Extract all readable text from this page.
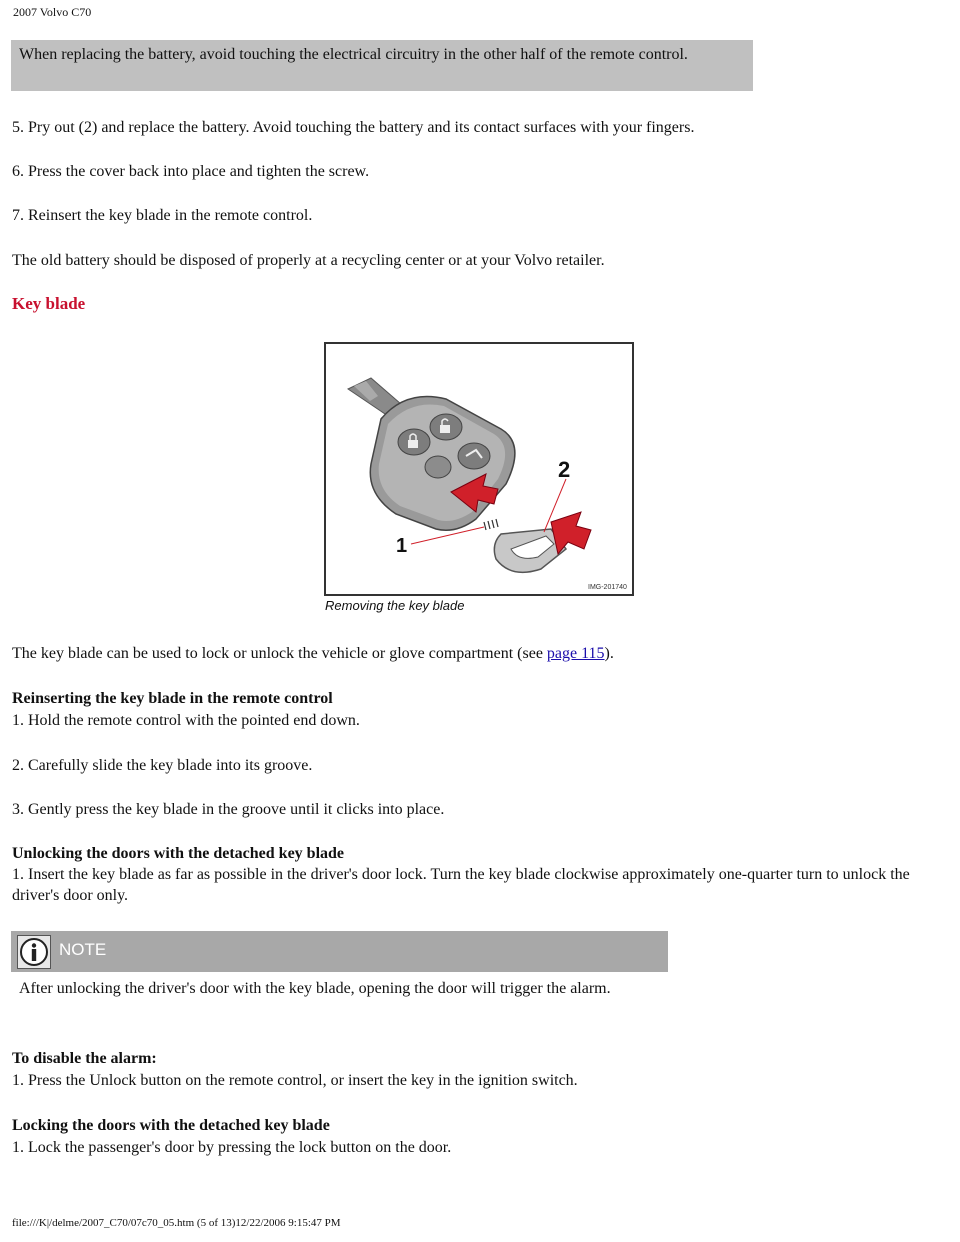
2007 Volvo C70
When replacing the battery, avoid touching the electrical circuitry in the other half of the remote control.
5. Pry out (2) and replace the battery. Avoid touching the battery and its contact surfaces with your fingers.
6. Press the cover back into place and tighten the screw.
7. Reinsert the key blade in the remote control.
The old battery should be disposed of properly at a recycling center or at your Volvo retailer.
Key blade
1
2
IMG-201740
Removing the key blade
The key blade can be used to lock or unlock the vehicle or glove compartment (see page 115).
Reinserting the key blade in the remote control
1. Hold the remote control with the pointed end down.
2. Carefully slide the key blade into its groove.
3. Gently press the key blade in the groove until it clicks into place.
Unlocking the doors with the detached key blade
1. Insert the key blade as far as possible in the driver's door lock. Turn the key blade clockwise approximately one-quarter turn to unlock the driver's door only.
NOTE
After unlocking the driver's door with the key blade, opening the door will trigger the alarm.
To disable the alarm:
1. Press the Unlock button on the remote control, or insert the key in the ignition switch.
Locking the doors with the detached key blade
1. Lock the passenger's door by pressing the lock button on the door.
file:///K|/delme/2007_C70/07c70_05.htm (5 of 13)12/22/2006 9:15:47 PM
